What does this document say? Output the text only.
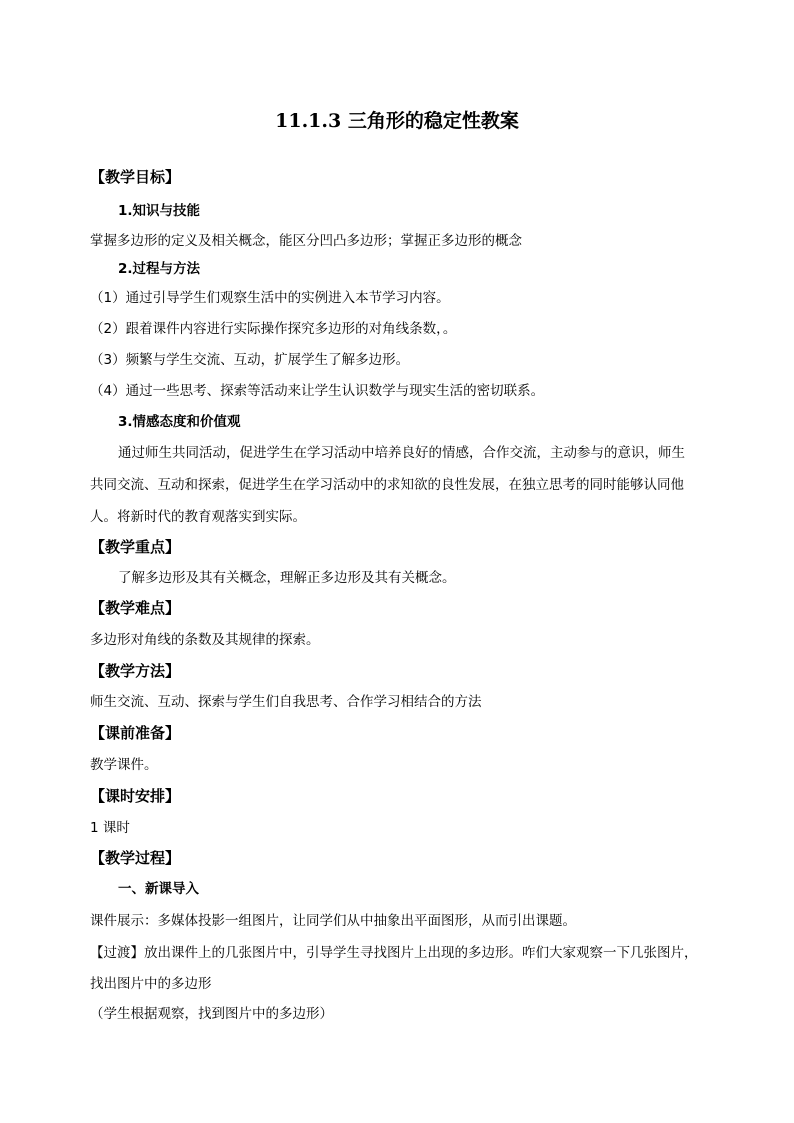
11.1.3 三角形的稳定性教案
【教学目标】
1.知识与技能
掌握多边形的定义及相关概念，能区分凹凸多边形；掌握正多边形的概念
2.过程与方法
（1）通过引导学生们观察生活中的实例进入本节学习内容。
（2）跟着课件内容进行实际操作探究多边形的对角线条数，。
（3）频繁与学生交流、互动，扩展学生了解多边形。
（4）通过一些思考、探索等活动来让学生认识数学与现实生活的密切联系。
3.情感态度和价值观
通过师生共同活动，促进学生在学习活动中培养良好的情感，合作交流，主动参与的意识，师生
共同交流、互动和探索，促进学生在学习活动中的求知欲的良性发展，在独立思考的同时能够认同他
人。将新时代的教育观落实到实际。
【教学重点】
了解多边形及其有关概念，理解正多边形及其有关概念。
【教学难点】
多边形对角线的条数及其规律的探索。
【教学方法】
师生交流、互动、探索与学生们自我思考、合作学习相结合的方法
【课前准备】
教学课件。
【课时安排】
1 课时
【教学过程】
一、新课导入
课件展示：多媒体投影一组图片，让同学们从中抽象出平面图形，从而引出课题。
【过渡】放出课件上的几张图片中，引导学生寻找图片上出现的多边形。咋们大家观察一下几张图片，
找出图片中的多边形
（学生根据观察，找到图片中的多边形）
